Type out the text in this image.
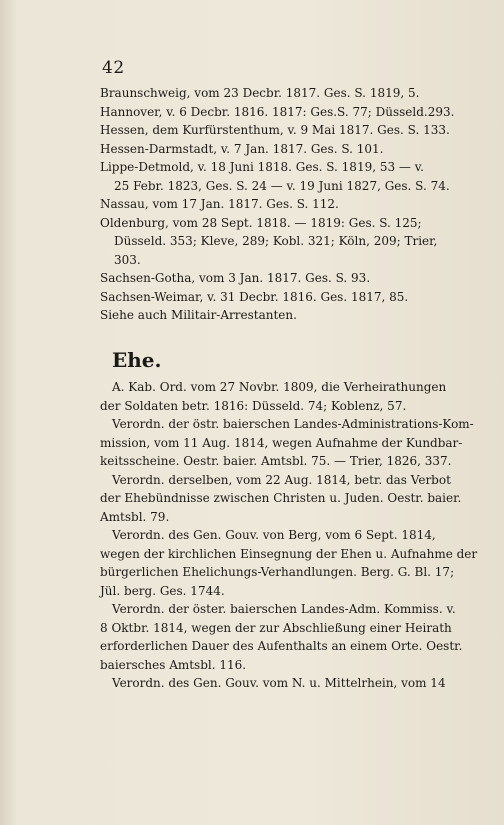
42
Braunschweig, vom 23 Decbr. 1817. Ges. S. 1819, 5.
Hannover, v. 6 Decbr. 1816. 1817: Ges.S. 77; Düsseld.293.
Hessen, dem Kurfürstenthum, v. 9 Mai 1817. Ges. S. 133.
Hessen-Darmstadt, v. 7 Jan. 1817. Ges. S. 101.
Lippe-Detmold, v. 18 Juni 1818. Ges. S. 1819, 53 — v.
25 Febr. 1823, Ges. S. 24 — v. 19 Juni 1827, Ges. S. 74.
Nassau, vom 17 Jan. 1817. Ges. S. 112.
Oldenburg, vom 28 Sept. 1818. — 1819: Ges. S. 125;
Düsseld. 353; Kleve, 289; Kobl. 321; Köln, 209; Trier,
303.
Sachsen-Gotha, vom 3 Jan. 1817. Ges. S. 93.
Sachsen-Weimar, v. 31 Decbr. 1816. Ges. 1817, 85.
Siehe auch Militair-Arrestanten.
Ehe.
A. Kab. Ord. vom 27 Novbr. 1809, die Verheirathungen
der Soldaten betr. 1816: Düsseld. 74; Koblenz, 57.
Verordn. der östr. baierschen Landes-Administrations-Kom-
mission, vom 11 Aug. 1814, wegen Aufnahme der Kundbar-
keitsscheine. Oestr. baier. Amtsbl. 75. — Trier, 1826, 337.
Verordn. derselben, vom 22 Aug. 1814, betr. das Verbot
der Ehebündnisse zwischen Christen u. Juden. Oestr. baier.
Amtsbl. 79.
Verordn. des Gen. Gouv. von Berg, vom 6 Sept. 1814,
wegen der kirchlichen Einsegnung der Ehen u. Aufnahme der
bürgerlichen Ehelichungs-Verhandlungen. Berg. G. Bl. 17;
Jül. berg. Ges. 1744.
Verordn. der öster. baierschen Landes-Adm. Kommiss. v.
8 Oktbr. 1814, wegen der zur Abschließung einer Heirath
erforderlichen Dauer des Aufenthalts an einem Orte. Oestr.
baiersches Amtsbl. 116.
Verordn. des Gen. Gouv. vom N. u. Mittelrhein, vom 14
